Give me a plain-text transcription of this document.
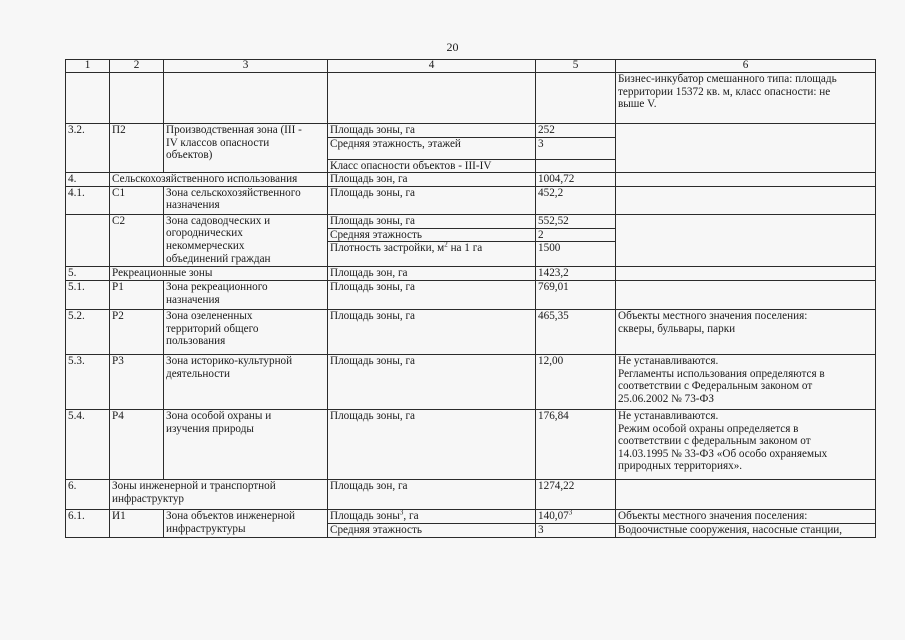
20
1	2	3	4	5	6

					Бизнес-инкубатор смешанного типа: площадь
территории 15372 кв. м, класс опасности: не
выше V.

3.2.	П2	Производственная зона (III -
IV классов опасности
объектов)	Площадь зоны, га	252	
			Средняя этажность, этажей	3	
			Класс опасности объектов - III-IV		
4.	Сельскохозяйственного использования		Площадь зон, га	1004,72	
4.1.	С1	Зона сельскохозяйственного
назначения	Площадь зоны, га	452,2	
	С2	Зона садоводческих и
огороднических
некоммерческих
объединений граждан	Площадь зоны, га	552,52	
			Средняя этажность	2	
			Плотность застройки, $м^2$ на 1 га	1500	
5.	Рекреационные зоны		Площадь зон, га	1423,2	
5.1.	Р1	Зона рекреационного
назначения	Площадь зоны, га	769,01	
5.2.	Р2	Зона озелененных
территорий общего
пользования	Площадь зоны, га	465,35	Объекты местного значения поселения:
скверы, бульвары, парки

5.3.	Р3	Зона историко-культурной
деятельности	Площадь зоны, га	12,00	Не устанавливаются.
Регламенты использования определяются в
соответствии с Федеральным законом от
25.06.2002 № 73-ФЗ

5.4.	Р4	Зона особой охраны и
изучения природы	Площадь зоны, га	176,84	Не устанавливаются.
Режим особой охраны определяется в
соответствии с федеральным законом от
14.03.1995 № 33-ФЗ «Об особо охраняемых
природных территориях».

6.	Зоны инженерной и транспортной
инфраструктур		Площадь зон, га	1274,22	
6.1.	И1	Зона объектов инженерной
инфраструктуры	Площадь зоны$^3$, га	140,07$^3$	Объекты местного значения поселения:
			Средняя этажность	3	Водоочистные сооружения, насосные станции,
